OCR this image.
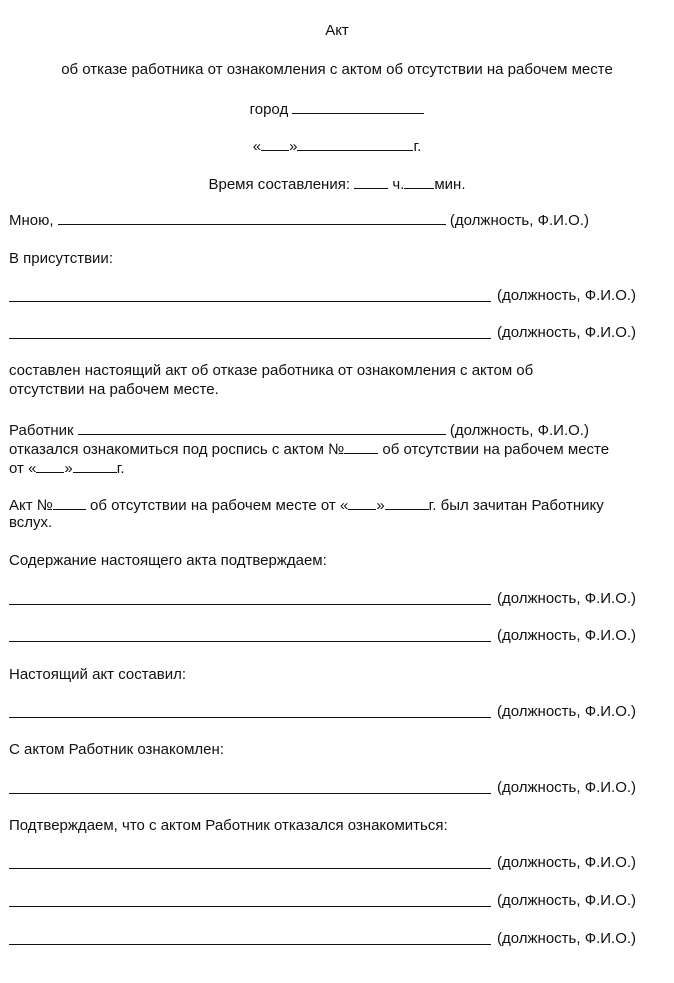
Акт
об отказе работника от ознакомления с актом об отсутствии на рабочем месте
город
« »	г.
Время составления:	ч. мин.
Мною,	(должность, Ф.И.О.)
В присутствии:
(должность, Ф.И.О.)
(должность, Ф.И.О.)
составлен настоящий акт об отказе работника от ознакомления с актом об
отсутствии на рабочем месте.
Работник	(должность, Ф.И.О.)
отказался ознакомиться под роспись с актом №	об отсутствии на рабочем месте
от « »	г.
Акт № об отсутствии на рабочем месте от « »	г. был зачитан Работнику
вслух.
Содержание настоящего акта подтверждаем:
(должность, Ф.И.О.)
(должность, Ф.И.О.)
Настоящий акт составил:
(должность, Ф.И.О.)
С актом Работник ознакомлен:
(должность, Ф.И.О.)
Подтверждаем, что с актом Работник отказался ознакомиться:
(должность, Ф.И.О.)
(должность, Ф.И.О.)
(должность, Ф.И.О.)
